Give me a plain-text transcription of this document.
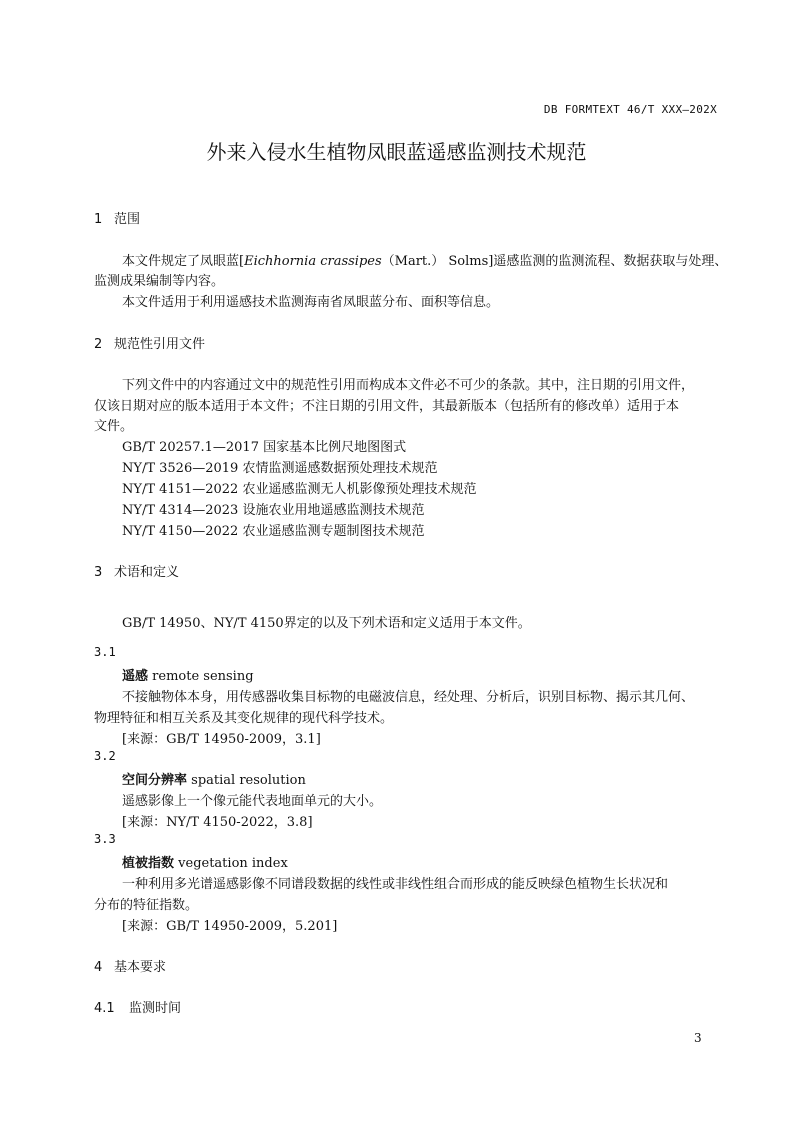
DB FORMTEXT 46/T XXX—202X
外来入侵水生植物凤眼蓝遥感监测技术规范
1 范围
本文件规定了凤眼蓝[Eichhornia crassipes（Mart.） Solms]遥感监测的监测流程、数据获取与处理、
监测成果编制等内容。
本文件适用于利用遥感技术监测海南省凤眼蓝分布、面积等信息。
2 规范性引用文件
下列文件中的内容通过文中的规范性引用而构成本文件必不可少的条款。其中，注日期的引用文件，
仅该日期对应的版本适用于本文件；不注日期的引用文件，其最新版本（包括所有的修改单）适用于本
文件。
GB/T 20257.1—2017 国家基本比例尺地图图式
NY/T 3526—2019 农情监测遥感数据预处理技术规范
NY/T 4151—2022 农业遥感监测无人机影像预处理技术规范
NY/T 4314—2023 设施农业用地遥感监测技术规范
NY/T 4150—2022 农业遥感监测专题制图技术规范
3 术语和定义
GB/T 14950、NY/T 4150界定的以及下列术语和定义适用于本文件。
3.1
遥感 remote sensing
不接触物体本身，用传感器收集目标物的电磁波信息，经处理、分析后，识别目标物、揭示其几何、
物理特征和相互关系及其变化规律的现代科学技术。
[来源：GB/T 14950-2009，3.1]
3.2
空间分辨率 spatial resolution
遥感影像上一个像元能代表地面单元的大小。
[来源：NY/T 4150-2022，3.8]
3.3
植被指数 vegetation index
一种利用多光谱遥感影像不同谱段数据的线性或非线性组合而形成的能反映绿色植物生长状况和
分布的特征指数。
[来源：GB/T 14950-2009，5.201]
4 基本要求
4.1 监测时间
3
